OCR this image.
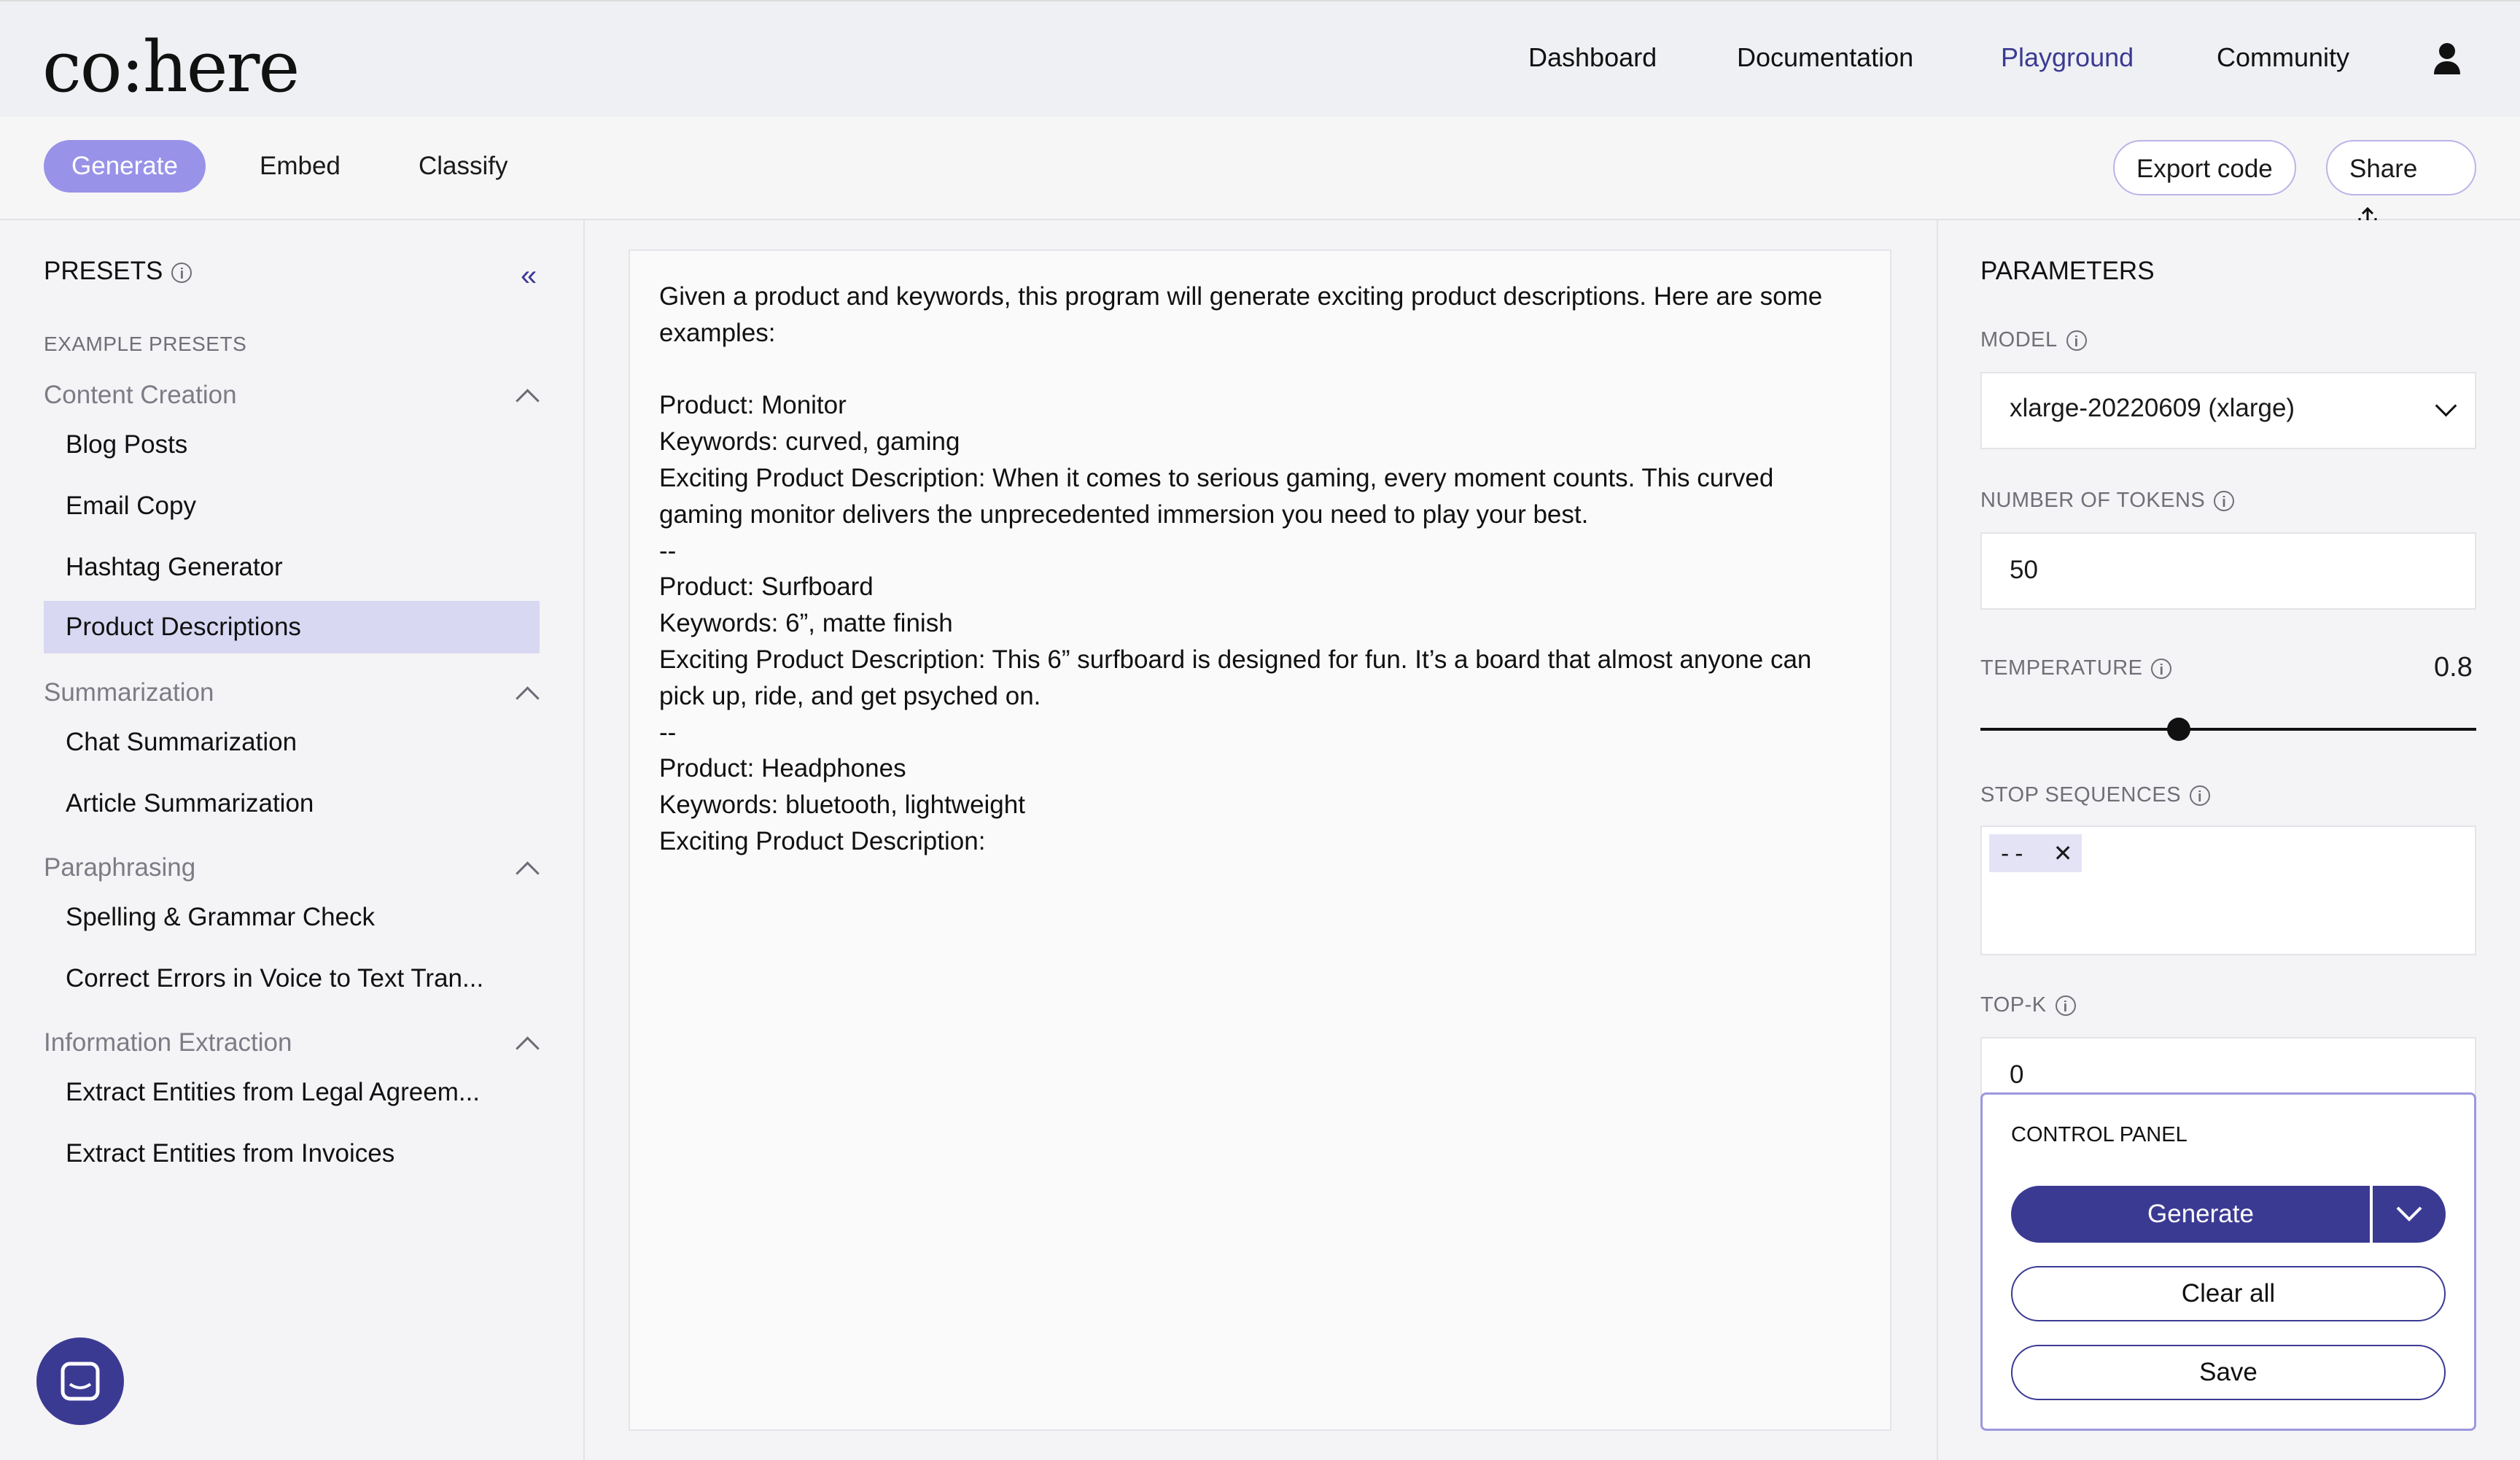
co:here	Dashboard	Documentation	Playground	Community
Generate	Embed	Classify	Export code	Share
PRESETS i	«
EXAMPLE PRESETS
Content Creation
Blog Posts
Email Copy
Hashtag Generator
Product Descriptions
Summarization
Chat Summarization
Article Summarization
Paraphrasing
Spelling & Grammar Check
Correct Errors in Voice to Text Tran...
Information Extraction
Extract Entities from Legal Agreem...
Extract Entities from Invoices
Given a product and keywords, this program will generate exciting product descriptions. Here are some examples:

Product: Monitor
Keywords: curved, gaming
Exciting Product Description: When it comes to serious gaming, every moment counts. This curved gaming monitor delivers the unprecedented immersion you need to play your best.
--
Product: Surfboard
Keywords: 6”, matte finish
Exciting Product Description: This 6” surfboard is designed for fun. It’s a board that almost anyone can pick up, ride, and get psyched on.
--
Product: Headphones
Keywords: bluetooth, lightweight
Exciting Product Description:
PARAMETERS
MODEL i
xlarge-20220609 (xlarge)
NUMBER OF TOKENS i
50
TEMPERATURE i	0.8
STOP SEQUENCES i
-- ✕
TOP-K i
0
CONTROL PANEL
Generate
Clear all
Save
